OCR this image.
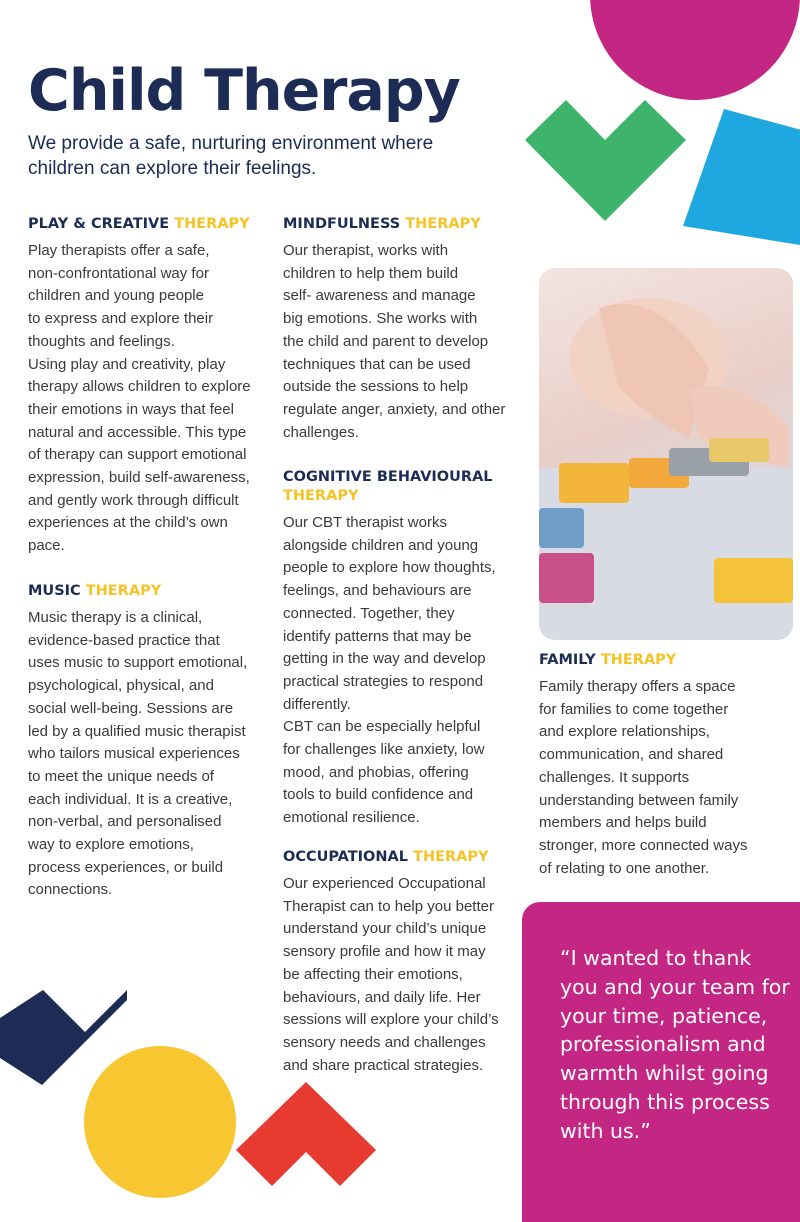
Child Therapy
We provide a safe, nurturing environment where children can explore their feelings.
PLAY & CREATIVE THERAPY

Play therapists offer a safe,
non-confrontational way for
children and young people
to express and explore their
thoughts and feelings.
Using play and creativity, play
therapy allows children to explore
their emotions in ways that feel
natural and accessible. This type
of therapy can support emotional
expression, build self-awareness,
and gently work through difficult
experiences at the child’s own
pace.

MUSIC THERAPY

Music therapy is a clinical,
evidence-based practice that
uses music to support emotional,
psychological, physical, and
social well-being. Sessions are
led by a qualified music therapist
who tailors musical experiences
to meet the unique needs of
each individual. It is a creative,
non-verbal, and personalised
way to explore emotions,
process experiences, or build
connections.

MINDFULNESS THERAPY

Our therapist, works with
children to help them build
self- awareness and manage
big emotions. She works with
the child and parent to develop
techniques that can be used
outside the sessions to help
regulate anger, anxiety, and other
challenges.

COGNITIVE BEHAVIOURAL
THERAPY

Our CBT therapist works
alongside children and young
people to explore how thoughts,
feelings, and behaviours are
connected. Together, they
identify patterns that may be
getting in the way and develop
practical strategies to respond
differently.
CBT can be especially helpful
for challenges like anxiety, low
mood, and phobias, offering
tools to build confidence and
emotional resilience.

OCCUPATIONAL THERAPY

Our experienced Occupational
Therapist can to help you better
understand your child’s unique
sensory profile and how it may
be affecting their emotions,
behaviours, and daily life. Her
sessions will explore your child’s
sensory needs and challenges
and share practical strategies.

FAMILY THERAPY

Family therapy offers a space
for families to come together
and explore relationships,
communication, and shared
challenges. It supports
understanding between family
members and helps build
stronger, more connected ways
of relating to one another.

“I wanted to thank
you and your team for
your time, patience,
professionalism and
warmth whilst going
through this process
with us.”
